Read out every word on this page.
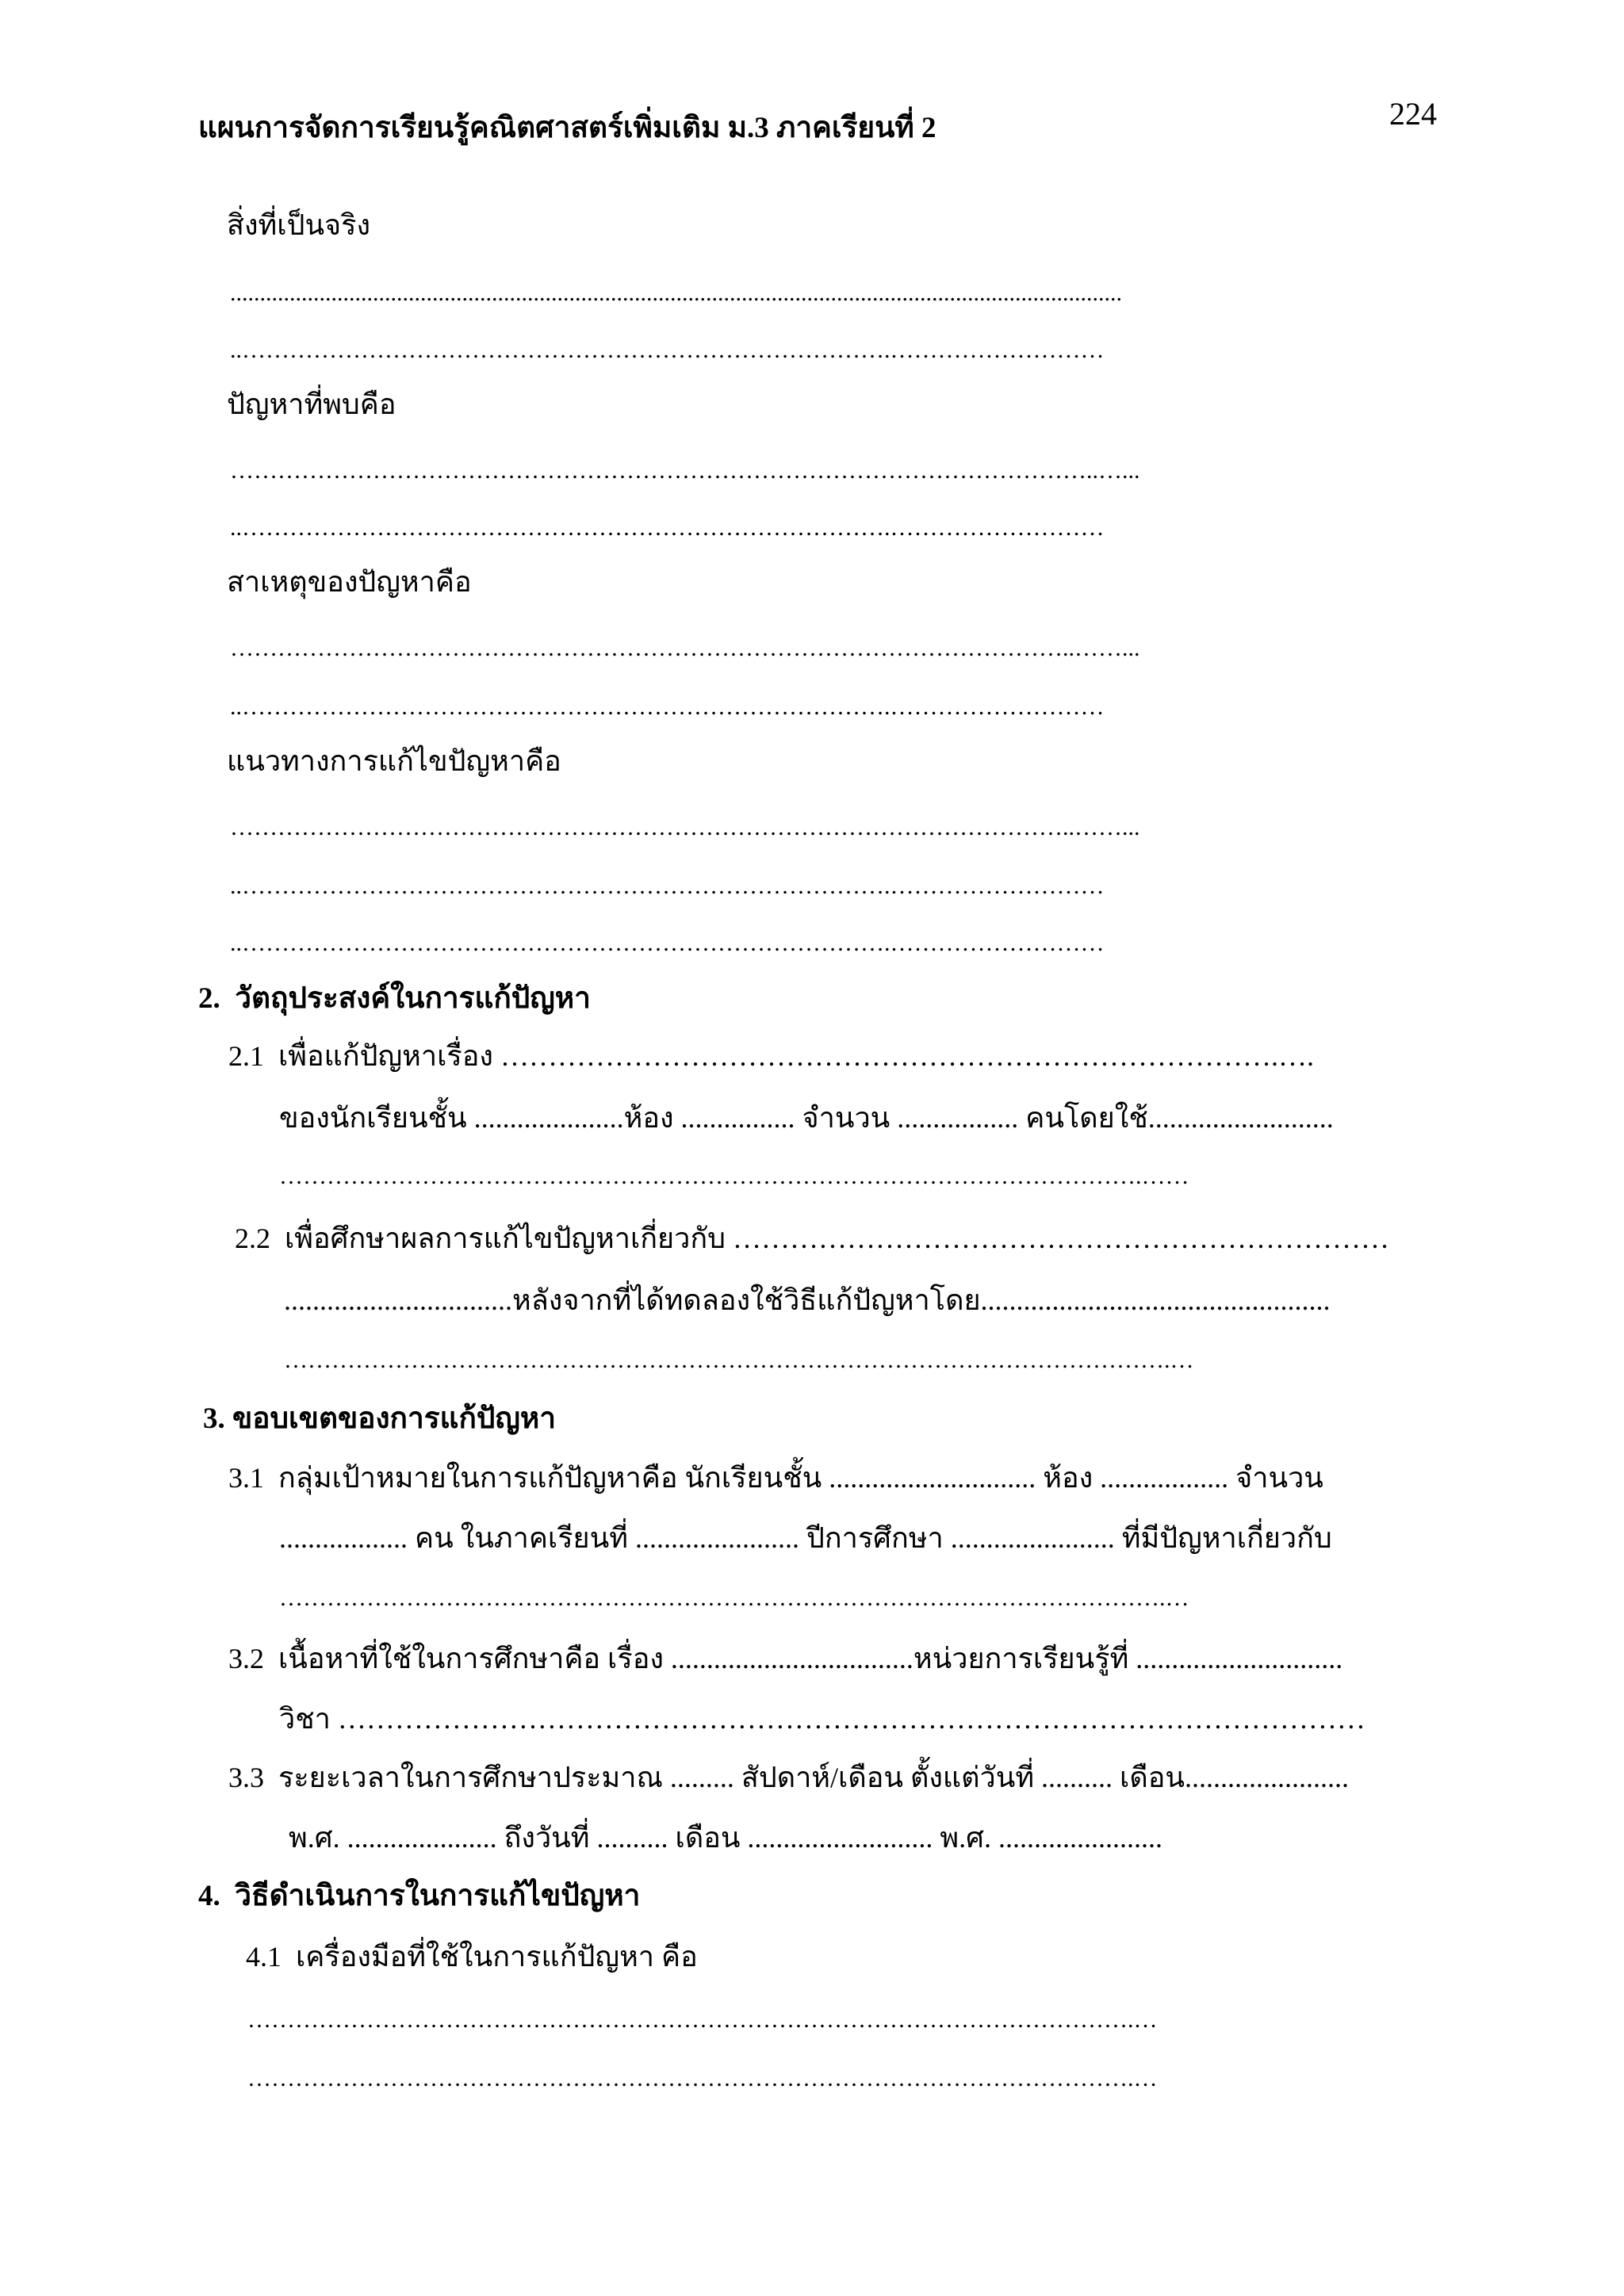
แผนการจัดการเรียนรู้คณิตศาสตร์เพิ่มเติม ม.3 ภาคเรียนที่ 2	224
สิ่งที่เป็นจริง
......................................................................................................................................................
..……………………………………………………………………….………………………
ปัญหาที่พบคือ
………………………………………………………………………………………………..…...
..……………………………………………………………………….………………………
สาเหตุของปัญหาคือ
……………………………………………………………………………………………..……...
..……………………………………………………………………….………………………
แนวทางการแก้ไขปัญหาคือ
……………………………………………………………………………………………..……...
..……………………………………………………………………….………………………
..……………………………………………………………………….………………………
2.  วัตถุประสงค์ในการแก้ปัญหา
2.1  เพื่อแก้ปัญหาเรื่อง ……………………………………………………………………….….
ของนักเรียนชั้น .....................ห้อง ................ จำนวน ................. คนโดยใช้..........................
……………………………………………………………………………………………….……
2.2  เพื่อศึกษาผลการแก้ไขปัญหาเกี่ยวกับ ……………………………………………………………
................................หลังจากที่ได้ทดลองใช้วิธีแก้ปัญหาโดย.................................................
………………………………………………………………………………………………….…
3. ขอบเขตของการแก้ปัญหา
3.1  กลุ่มเป้าหมายในการแก้ปัญหาคือ นักเรียนชั้น ............................. ห้อง .................. จำนวน
.................. คน ในภาคเรียนที่ ....................... ปีการศึกษา ....................... ที่มีปัญหาเกี่ยวกับ
………………………………………………………………………………………………….…
3.2  เนื้อหาที่ใช้ในการศึกษาคือ เรื่อง ..................................หน่วยการเรียนรู้ที่ .............................
วิชา ………………………………………………………………………………………………
3.3  ระยะเวลาในการศึกษาประมาณ ......... สัปดาห์/เดือน ตั้งแต่วันที่ .......... เดือน.......................
พ.ศ. ..................... ถึงวันที่ .......... เดือน .......................... พ.ศ. .......................
4.  วิธีดำเนินการในการแก้ไขปัญหา
4.1  เครื่องมือที่ใช้ในการแก้ปัญหา คือ
………………………………………………………………………………………………….…
………………………………………………………………………………………………….…
